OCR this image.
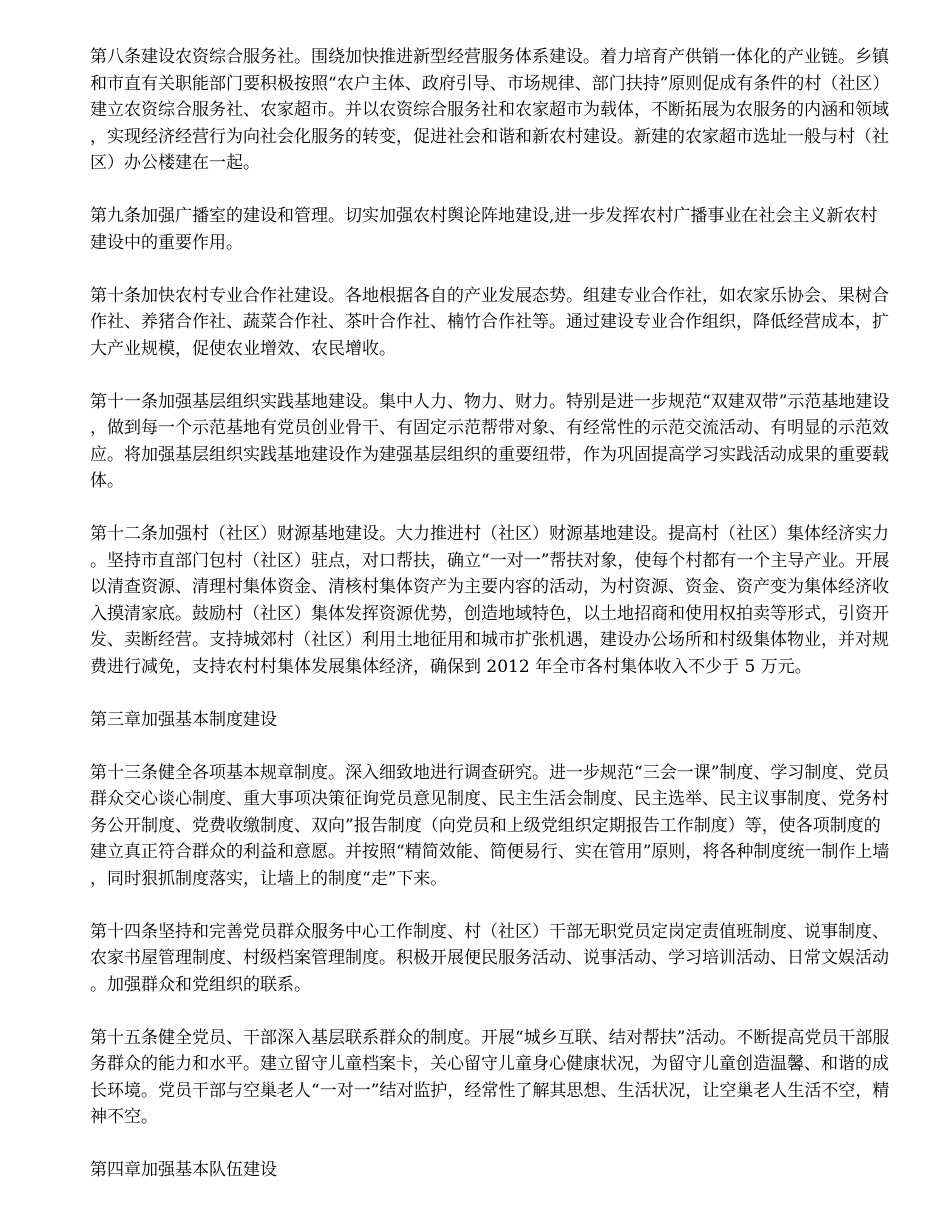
第八条建设农资综合服务社。围绕加快推进新型经营服务体系建设。着力培育产供销一体化的产业链。乡镇和市直有关职能部门要积极按照“农户主体、政府引导、市场规律、部门扶持”原则促成有条件的村（社区）建立农资综合服务社、农家超市。并以农资综合服务社和农家超市为载体，不断拓展为农服务的内涵和领域，实现经济经营行为向社会化服务的转变，促进社会和谐和新农村建设。新建的农家超市选址一般与村（社区）办公楼建在一起。

第九条加强广播室的建设和管理。切实加强农村舆论阵地建设,进一步发挥农村广播事业在社会主义新农村建设中的重要作用。

第十条加快农村专业合作社建设。各地根据各自的产业发展态势。组建专业合作社，如农家乐协会、果树合作社、养猪合作社、蔬菜合作社、茶叶合作社、楠竹合作社等。通过建设专业合作组织，降低经营成本，扩大产业规模，促使农业增效、农民增收。

第十一条加强基层组织实践基地建设。集中人力、物力、财力。特别是进一步规范“双建双带”示范基地建设，做到每一个示范基地有党员创业骨干、有固定示范帮带对象、有经常性的示范交流活动、有明显的示范效应。将加强基层组织实践基地建设作为建强基层组织的重要纽带，作为巩固提高学习实践活动成果的重要载体。

第十二条加强村（社区）财源基地建设。大力推进村（社区）财源基地建设。提高村（社区）集体经济实力。坚持市直部门包村（社区）驻点，对口帮扶，确立“一对一”帮扶对象，使每个村都有一个主导产业。开展以清查资源、清理村集体资金、清核村集体资产为主要内容的活动，为村资源、资金、资产变为集体经济收入摸清家底。鼓励村（社区）集体发挥资源优势，创造地域特色，以土地招商和使用权拍卖等形式，引资开发、卖断经营。支持城郊村（社区）利用土地征用和城市扩张机遇，建设办公场所和村级集体物业，并对规费进行减免，支持农村村集体发展集体经济，确保到 2012 年全市各村集体收入不少于 5 万元。

第三章加强基本制度建设

第十三条健全各项基本规章制度。深入细致地进行调查研究。进一步规范“三会一课”制度、学习制度、党员群众交心谈心制度、重大事项决策征询党员意见制度、民主生活会制度、民主选举、民主议事制度、党务村务公开制度、党费收缴制度、双向”报告制度（向党员和上级党组织定期报告工作制度）等，使各项制度的建立真正符合群众的利益和意愿。并按照“精简效能、简便易行、实在管用”原则，将各种制度统一制作上墙，同时狠抓制度落实，让墙上的制度“走”下来。

第十四条坚持和完善党员群众服务中心工作制度、村（社区）干部无职党员定岗定责值班制度、说事制度、农家书屋管理制度、村级档案管理制度。积极开展便民服务活动、说事活动、学习培训活动、日常文娱活动。加强群众和党组织的联系。

第十五条健全党员、干部深入基层联系群众的制度。开展“城乡互联、结对帮扶”活动。不断提高党员干部服务群众的能力和水平。建立留守儿童档案卡，关心留守儿童身心健康状况，为留守儿童创造温馨、和谐的成长环境。党员干部与空巢老人“一对一”结对监护，经常性了解其思想、生活状况，让空巢老人生活不空，精神不空。

第四章加强基本队伍建设
